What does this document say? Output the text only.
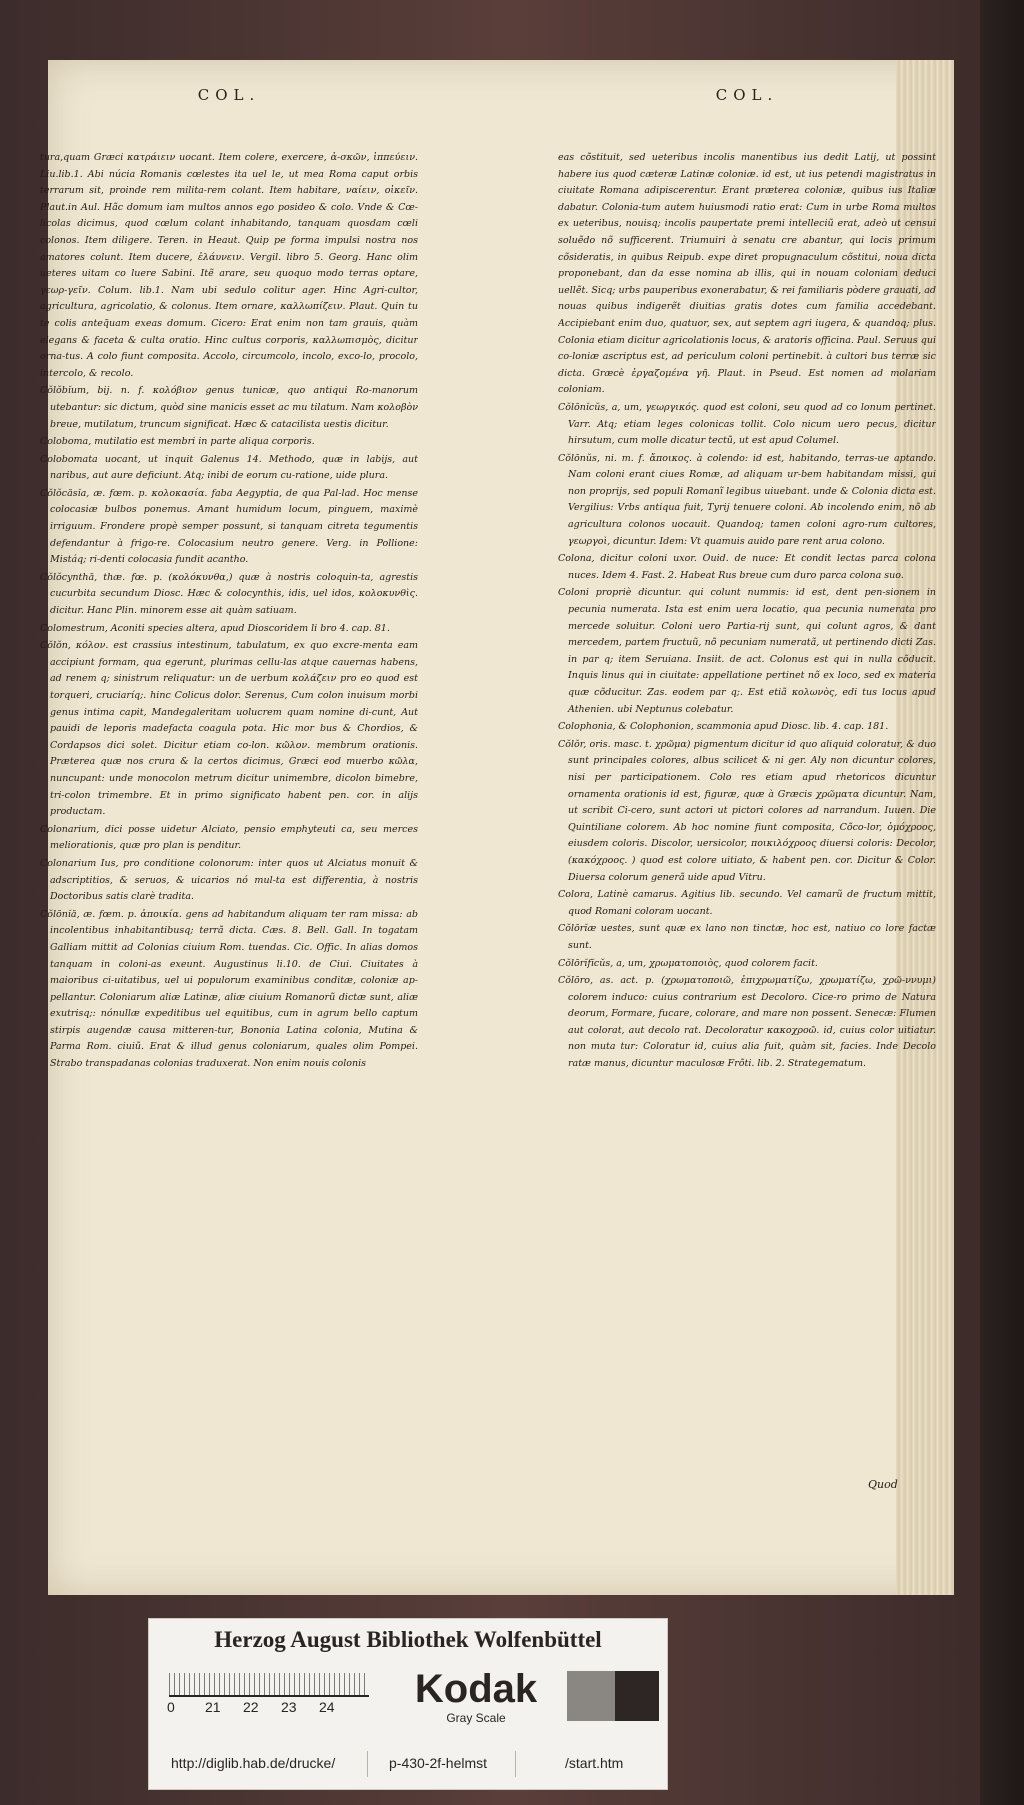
COL.	COL.

tura,quam Græci κατράιειν uocant. Item colere, exercere, ἀ-σκῶν, ἱππεύειν. Liu.lib.1. Abi núcia Romanis cœlestes ita uel le, ut mea Roma caput orbis terrarum sit, proinde rem milita-rem colant. Item habitare, ναίειν, οἰκεῖν. Plaut.in Aul. Hãc domum iam multos annos ego posideo & colo. Vnde & Cœ-licolas dicimus, quod cœlum colant inhabitando, tanquam quosdam cœli colonos. Item diligere. Teren. in Heaut. Quip pe forma impulsi nostra nos amatores colunt. Item ducere, ἐλάυνειν. Vergil. libro 5. Georg. Hanc olim ueteres uitam co luere Sabini. Itẽ arare, seu quoquo modo terras optare, γεωρ-γεῖν. Colum. lib.1. Nam ubi sedulo colitur ager. Hinc Agri-cultor, agricultura, agricolatio, & colonus. Item ornare, καλλωπίζειν. Plaut. Quin tu te colis anteq̃uam exeas domum. Cicero: Erat enim non tam grauis, quàm elegans & faceta & culta oratio. Hinc cultus corporis, καλλωπισμὸς, dicitur orna-tus. A colo fiunt composita. Accolo, circumcolo, incolo, exco-lo, procolo, intercolo, & recolo.

Cŏlŏbĭum, bij. n. f. κολόβιον genus tunicæ, quo antiqui Ro-manorum utebantur: sic dictum, quòd sine manicis esset ac mu tilatum. Nam κολοβὸν breue, mutilatum, truncum significat. Hæc & catacilista uestis dicitur.

Coloboma, mutilatio est membri in parte aliqua corporis.

Colobomata uocant, ut inquit Galenus 14. Methodo, quæ in labijs, aut naribus, aut aure deficiunt. Atq; inibi de eorum cu-ratione, uide plura.

Cŏlŏcăsĭa, æ. fœm. p. κολοκασία. faba Aegyptia, de qua Pal-lad. Hoc mense colocasiæ bulbos ponemus. Amant humidum locum, pinguem, maximè irriguum. Frondere propè semper possunt, si tanquam citreta tegumentis defendantur à frigo-re. Colocasium neutro genere. Verg. in Pollione: Mistáq; ri-denti colocasia fundit acantho.

Cŏlŏcynthă, thæ. fœ. p. (κολόκυνθα,) quæ à nostris coloquin-ta, agrestis cucurbita secundum Diosc. Hæc & colocynthis, idis, uel idos, κολοκυνθὶς. dicitur. Hanc Plin. minorem esse ait quàm satiuam.

Colomestrum, Aconiti species altera, apud Dioscoridem li bro 4. cap. 81.

Cŏlŏn, κόλον. est crassius intestinum, tabulatum, ex quo excre-menta eam accipiunt formam, qua egerunt, plurimas cellu-las atque cauernas habens, ad renem q; sinistrum reliquatur: un de uerbum κολάζειν pro eo quod est torqueri, cruciaríq;. hinc Colicus dolor. Serenus, Cum colon inuisum morbi genus intima capit, Mandegaleritam uolucrem quam nomine di-cunt, Aut pauidi de leporis madefacta coagula pota. Hic mor bus & Chordios, & Cordapsos dici solet. Dicitur etiam co-lon. κῶλον. membrum orationis. Præterea quæ nos crura & la certos dicimus, Græci eod muerbo κῶλα, nuncupant: unde monocolon metrum dicitur unimembre, dicolon bimebre, tri-colon trimembre. Et in primo significato habent pen. cor. in alijs productam.

Colonarium, dici posse uidetur Alciato, pensio emphyteuti ca, seu merces meliorationis, quæ pro plan is penditur.

Colonarium Ius, pro conditione colonorum: inter quos ut Alciatus monuit & adscriptitios, & seruos, & uicarios nó mul-ta est differentia, à nostris Doctoribus satis clarè tradita.

Cŏlōnĭă, æ. fœm. p. ἀποικία. gens ad habitandum aliquam ter ram missa: ab incolentibus inhabitantibusq; terrã dicta. Cæs. 8. Bell. Gall. In togatam Galliam mittit ad Colonias ciuium Rom. tuendas. Cic. Offic. In alias domos tanquam in coloni-as exeunt. Augustinus li.10. de Ciui. Ciuitates à maioribus ci-uitatibus, uel ui populorum examinibus conditæ, coloniæ ap-pellantur. Coloniarum aliæ Latinæ, aliæ ciuium Romanorũ dictæ sunt, aliæ exutrisq;: nónullæ expeditibus uel equitibus, cum in agrum bello captum stirpis augendæ causa mitteren-tur, Bononia Latina colonia, Mutina & Parma Rom. ciuiũ. Erat & illud genus coloniarum, quales olim Pompei. Strabo transpadanas colonias traduxerat. Non enim nouis colonis

eas cõstituit, sed ueteribus incolis manentibus ius dedit Latij, ut possint habere ius quod cæteræ Latinæ coloniæ. id est, ut ius petendi magistratus in ciuitate Romana adipiscerentur. Erant præterea coloniæ, quibus ius Italiæ dabatur. Colonia-tum autem huiusmodi ratio erat: Cum in urbe Roma multos ex ueteribus, nouisq; incolis paupertate premi intelleciũ erat, adeò ut censui soluẽdo nõ sufficerent. Triumuiri à senatu cre abantur, qui locis primum cõsideratis, in quibus Reipub. expe diret propugnaculum cõstitui, noua dicta proponebant, dan da esse nomina ab illis, qui in nouam coloniam deduci uellẽt. Sicq; urbs pauperibus exonerabatur, & rei familiaris pòdere grauati, ad nouas quibus indigerẽt diuitias gratis dotes cum familia accedebant. Accipiebant enim duo, quatuor, sex, aut septem agri iugera, & quandoq; plus. Colonia etiam dicitur agricolationis locus, & aratoris officina. Paul. Seruus qui co-loniæ ascriptus est, ad periculum coloni pertinebit. à cultori bus terræ sic dicta. Græcè ἐργαζομένα γῆ. Plaut. in Pseud. Est nomen ad molariam coloniam.

Cŏlōnĭcŭs, a, um, γεωργικός. quod est coloni, seu quod ad co lonum pertinet. Varr. Atq; etiam leges colonicas tollit. Colo nicum uero pecus, dicitur hirsutum, cum molle dicatur tectũ, ut est apud Columel.

Cŏlōnŭs, ni. m. f. ἄποικος. à colendo: id est, habitando, terras-ue aptando. Nam coloni erant ciues Romæ, ad aliquam ur-bem habitandam missi, qui non proprijs, sed populi Romanĩ legibus uiuebant. unde & Colonia dicta est. Vergilius: Vrbs antiqua fuit, Tyrij tenuere coloni. Ab incolendo enim, nõ ab agricultura colonos uocauit. Quandoq; tamen coloni agro-rum cultores, γεωργοὶ, dicuntur. Idem: Vt quamuis auido pare rent arua colono.

Colona, dicitur coloni uxor. Ouid. de nuce: Et condit lectas parca colona nuces. Idem 4. Fast. 2. Habeat Rus breue cum duro parca colona suo.

Coloni propriè dicuntur. qui colunt nummis: id est, dent pen-sionem in pecunia numerata. Ista est enim uera locatio, qua pecunia numerata pro mercede soluitur. Coloni uero Partia-rij sunt, qui colunt agros, & dant mercedem, partem fructuũ, nõ pecuniam numeratã, ut pertinendo dicti Zas. in par q; item Seruiana. Insiit. de act. Colonus est qui in nulla cõducit. Inquis linus qui in ciuitate: appellatione pertinet nõ ex loco, sed ex materia quæ cõducitur. Zas. eodem par q;. Est etiã κολωνὸς, edi tus locus apud Athenien. ubi Neptunus colebatur.

Colophonia, & Colophonion, scammonia apud Diosc. lib. 4. cap. 181.

Cŏlŏr, oris. masc. t. χρῶμα) pigmentum dicitur id quo aliquid coloratur, & duo sunt principales colores, albus scilicet & ni ger. Aly non dicuntur colores, nisi per participationem. Colo res etiam apud rhetoricos dicuntur ornamenta orationis id est, figuræ, quæ à Græcis χρῶματα dicuntur. Nam, ut scribit Ci-cero, sunt actori ut pictori colores ad narrandum. Iuuen. Die Quintiliane colorem. Ab hoc nomine fiunt composita, Cõco-lor, ὁμόχροος, eiusdem coloris. Discolor, uersicolor, ποικιλόχροος diuersi coloris: Decolor, (κακόχροος. ) quod est colore uitiato, & habent pen. cor. Dicitur & Color. Diuersa colorum generã uide apud Vitru.

Colora, Latinè camarus. Agitius lib. secundo. Vel camarũ de fructum mittit, quod Romani coloram uocant.

Cŏlōrĭæ uestes, sunt quæ ex lano non tinctæ, hoc est, natiuo co lore factæ sunt.

Cŏlōrĭfĭcŭs, a, um, χρωματοποιὸς, quod colorem facit.

Cŏlōro, as. act. p. (χρωματοποιῶ, ἐπιχρωματίζω, χρωματίζω, χρῶ-ννυμι) colorem induco: cuius contrarium est Decoloro. Cice-ro primo de Natura deorum, Formare, fucare, colorare, and mare non possent. Senecæ: Flumen aut colorat, aut decolo rat. Decoloratur κακοχροῶ. id, cuius color uitiatur. non muta tur: Coloratur id, cuius alia fuit, quàm sit, facies. Inde Decolo ratæ manus, dicuntur maculosæ Frõti. lib. 2. Strategematum.

Quod
Herzog August Bibliothek Wolfenbüttel
0 21 22 23 24	Kodak
Gray Scale
http://diglib.hab.de/drucke/	p-430-2f-helmst	/start.htm
